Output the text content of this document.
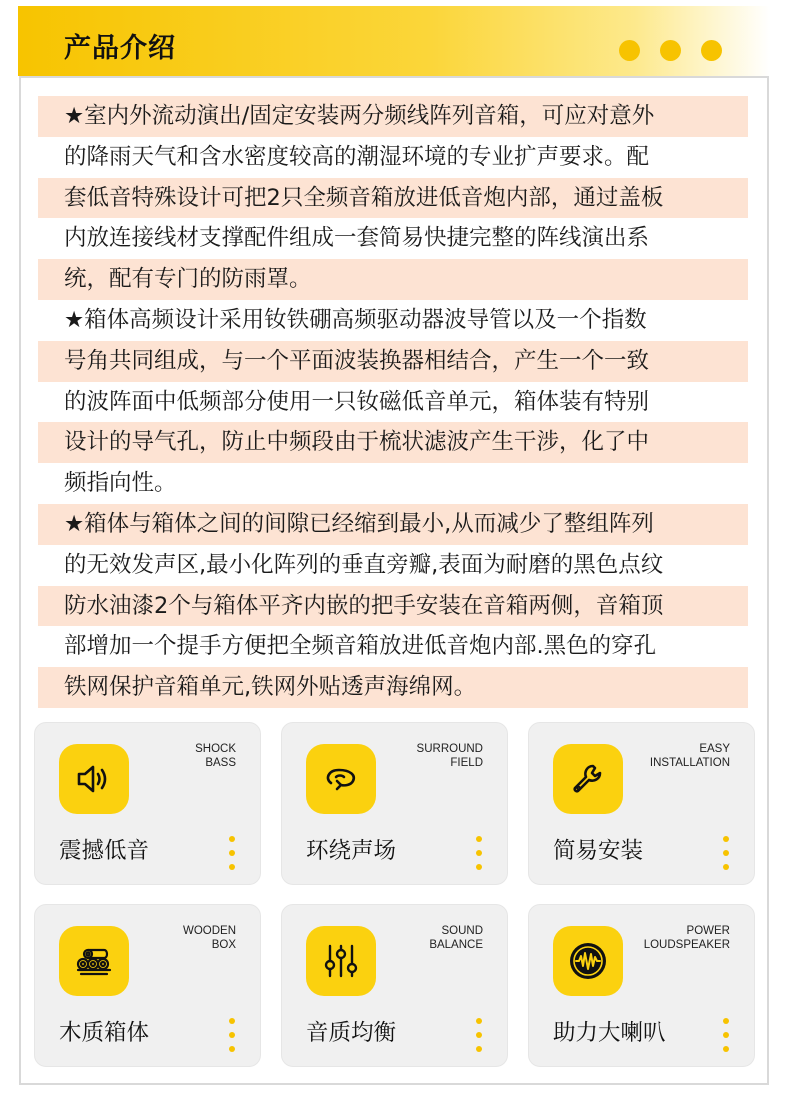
产品介绍
★室内外流动演出/固定安装两分频线阵列音箱，可应对意外
的降雨天气和含水密度较高的潮湿环境的专业扩声要求。配
套低音特殊设计可把2只全频音箱放进低音炮内部，通过盖板
内放连接线材支撑配件组成一套简易快捷完整的阵线演出系
统，配有专门的防雨罩。
★箱体高频设计采用钕铁硼高频驱动器波导管以及一个指数
号角共同组成，与一个平面波装换器相结合，产生一个一致
的波阵面中低频部分使用一只钕磁低音单元，箱体装有特别
设计的导气孔，防止中频段由于梳状滤波产生干涉，化了中
频指向性。
★箱体与箱体之间的间隙已经缩到最小,从而减少了整组阵列
的无效发声区,最小化阵列的垂直旁瓣,表面为耐磨的黑色点纹
防水油漆2个与箱体平齐内嵌的把手安装在音箱两侧，音箱顶
部增加一个提手方便把全频音箱放进低音炮内部.黑色的穿孔
铁网保护音箱单元,铁网外贴透声海绵网。
SHOCK
BASS
震撼低音
SURROUND
FIELD
环绕声场
EASY
INSTALLATION
简易安装
WOODEN
BOX
木质箱体
SOUND
BALANCE
音质均衡
POWER
LOUDSPEAKER
助力大喇叭
